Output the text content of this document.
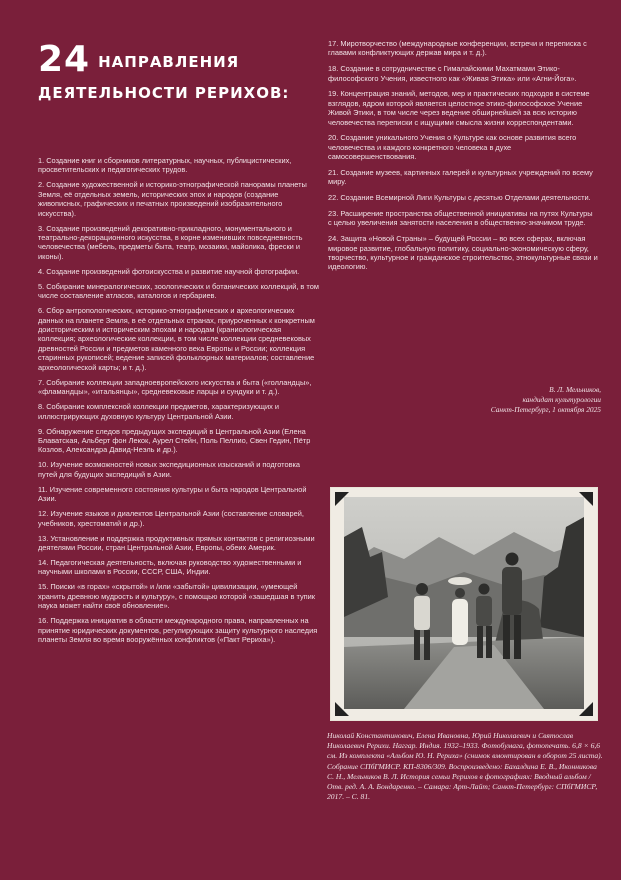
24 НАПРАВЛЕНИЯ
ДЕЯТЕЛЬНОСТИ РЕРИХОВ:

1. Создание книг и сборников литературных, научных, публицистических, просветительских и педагогических трудов.

2. Создание художественной и историко-этнографической панорамы планеты Земля, её отдельных земель, исторических эпох и народов (создание живописных, графических и печатных произведений изобразительного искусства).

3. Создание произведений декоративно-прикладного, монументального и театрально-декорационного искусства, в корне изменивших повседневность человечества (мебель, предметы быта, театр, мозаики, майолика, фрески и иконы).

4. Создание произведений фотоискусства и развитие научной фотографии.

5. Собирание минералогических, зоологических и ботанических коллекций, в том числе составление атласов, каталогов и гербариев.

6. Сбор антропологических, историко-этнографических и археологических данных на планете Земля, в её отдельных странах, приуроченных к конкретным доисторическим и историческим эпохам и народам (краниологическая коллекция; археологические коллекции, в том числе коллекции средневековых древностей России и предметов каменного века Европы и России; коллекция старинных рукописей; ведение записей фольклорных материалов; составление археологической карты; и т. д.).

7. Собирание коллекции западноевропейского искусства и быта («голландцы», «фламандцы», «итальянцы», средневековые ларцы и сундуки и т. д.).

8. Собирание комплексной коллекции предметов, характеризующих и иллюстрирующих духовную культуру Центральной Азии.

9. Обнаружение следов предыдущих экспедиций в Центральной Азии (Елена Блаватская, Альберт фон Лекок, Аурел Стейн, Поль Пеллио, Свен Гедин, Пётр Козлов, Александра Давид-Неэль и др.).

10. Изучение возможностей новых экспедиционных изысканий и подготовка путей для будущих экспедиций в Азии.

11. Изучение современного состояния культуры и быта народов Центральной Азии.

12. Изучение языков и диалектов Центральной Азии (составление словарей, учебников, хрестоматий и др.).

13. Установление и поддержка продуктивных прямых контактов с религиозными деятелями России, стран Центральной Азии, Европы, обеих Америк.

14. Педагогическая деятельность, включая руководство художественными и научными школами в России, СССР, США, Индии.

15. Поиски «в горах» «скрытой» и /или «забытой» цивилизации, «умеющей хранить древнюю мудрость и культуру», с помощью которой «зашедшая в тупик наука может найти своё обновление».

16. Поддержка инициатив в области международного права, направленных на принятие юридических документов, регулирующих защиту культурного наследия планеты Земля во время вооружённых конфликтов («Пакт Рериха»).

17. Миротворчество (международные конференции, встречи и переписка с главами конфликтующих держав мира и т. д.).

18. Создание в сотрудничестве с Гималайскими Махатмами Этико-философского Учения, известного как «Живая Этика» или «Агни-Йога».

19. Концентрация знаний, методов, мер и практических подходов в системе взглядов, ядром которой является целостное этико-философское Учение Живой Этики, в том числе через ведение обширнейшей за всю историю человечества переписки с ищущими смысла жизни корреспондентами.

20. Создание уникального Учения о Культуре как основе развития всего человечества и каждого конкретного человека в духе самосовершенствования.

21. Создание музеев, картинных галерей и культурных учреждений по всему миру.

22. Создание Всемирной Лиги Культуры с десятью Отделами деятельности.

23. Расширение пространства общественной инициативы на путях Культуры с целью увеличения занятости населения в общественно-значимом труде.

24. Защита «Новой Страны» – будущей России – во всех сферах, включая мировое развитие, глобальную политику, социально-экономическую сферу, творчество, культурное и гражданское строительство, этнокультурные связи и идеологию.

В. Л. Мельников,
кандидат культурологии
Санкт-Петербург, 1 октября 2025
Николай Константинович, Елена Ивановна, Юрий Николаевич и Святослав Николаевич Рерихи. Наггар. Индия. 1932–1933. Фотобумага, фотопечать. 6,8 × 6,6 см. Из комплекта «Альбом Ю. Н. Рериха» (снимок вмонтирован в оборот 25 листа). Собрание СПбГМИСР. КП-8306/309. Воспроизведено: Бахалдина Е. В., Иконникова С. Н., Мельников В. Л. История семьи Рерихов в фотографиях: Вводный альбом / Отв. ред. А. А. Бондаренко. – Самара: Арт-Лайт; Санкт-Петербург: СПбГМИСР, 2017. – С. 81.
